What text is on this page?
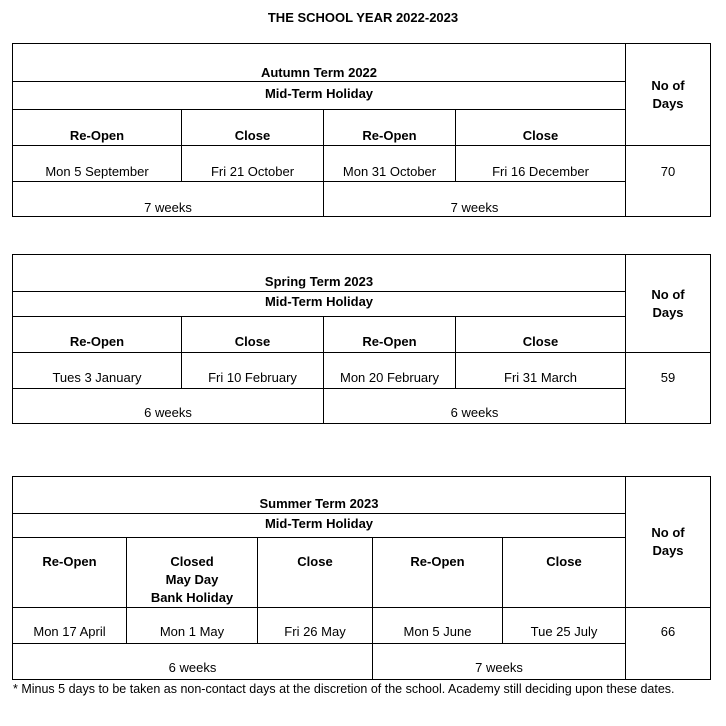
THE SCHOOL YEAR 2022-2023
Autumn Term 2022
Mid-Term Holiday
Re-Open	Close	Re-Open	Close
Mon 5 September	Fri 21 October	Mon 31 October	Fri 16 December
7 weeks	7 weeks
No of
Days
70
Spring Term 2023
Mid-Term Holiday
Re-Open	Close	Re-Open	Close
Tues 3 January	Fri 10 February	Mon 20 February	Fri 31 March
6 weeks	6 weeks
No of
Days
59
Summer Term 2023
Mid-Term Holiday
Re-Open	Closed
May Day
Bank Holiday
Close	Re-Open	Close
Mon 17 April	Mon 1 May	Fri 26 May	Mon 5 June	Tue 25 July
6 weeks	7 weeks
No of
Days
66
* Minus 5 days to be taken as non-contact days at the discretion of the school. Academy still deciding upon these dates.
